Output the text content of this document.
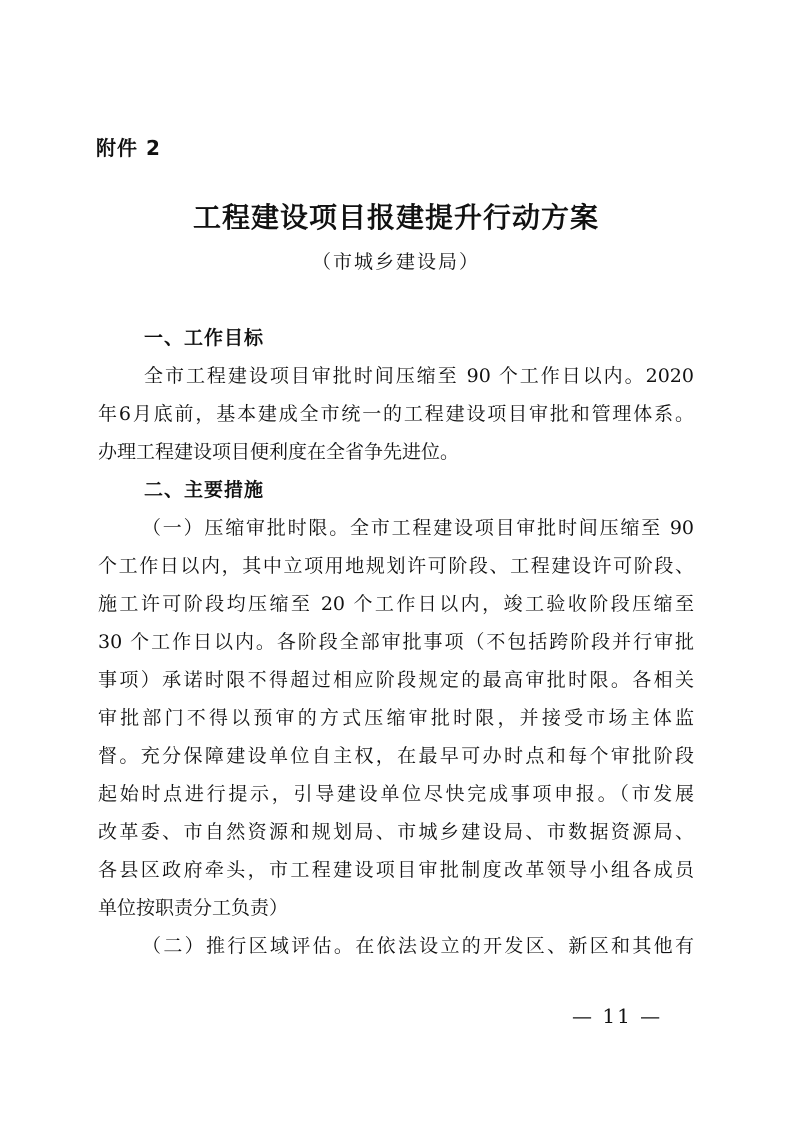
附件 2
工程建设项目报建提升行动方案
（市城乡建设局）
一、工作目标
全市工程建设项目审批时间压缩至 90 个工作日以内。2020
年6月底前，基本建成全市统一的工程建设项目审批和管理体系。
办理工程建设项目便利度在全省争先进位。
二、主要措施
（一）压缩审批时限。全市工程建设项目审批时间压缩至 90
个工作日以内，其中立项用地规划许可阶段、工程建设许可阶段、
施工许可阶段均压缩至 20 个工作日以内，竣工验收阶段压缩至
30 个工作日以内。各阶段全部审批事项（不包括跨阶段并行审批
事项）承诺时限不得超过相应阶段规定的最高审批时限。各相关
审批部门不得以预审的方式压缩审批时限，并接受市场主体监
督。充分保障建设单位自主权，在最早可办时点和每个审批阶段
起始时点进行提示，引导建设单位尽快完成事项申报。（市发展
改革委、市自然资源和规划局、市城乡建设局、市数据资源局、
各县区政府牵头，市工程建设项目审批制度改革领导小组各成员
单位按职责分工负责）
（二）推行区域评估。在依法设立的开发区、新区和其他有
— 11 —
